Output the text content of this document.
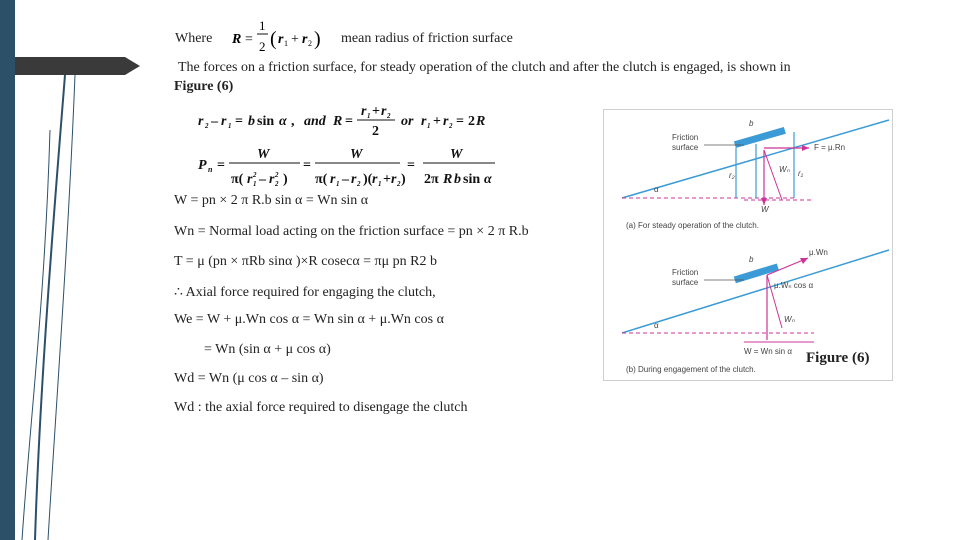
Where R =
1
2 ( r 1 + r 2 ) mean radius of friction surface
The forces on a friction surface, for steady operation of the clutch and after the clutch is engaged, is shown in
Figure (6)
r 2 – r 1 = b sin α , and R =
r 1 + r 2
2
or r 1 + r 2 = 2 R
P n =
W
π( r 2
1 – r 2
2 )
=
W
π( r 1 – r 2 )( r 1 + r 2 )
=
W
2π R b sin α
W = pn × 2 π R.b sin α = Wn sin α
Wn = Normal load acting on the friction surface = pn × 2 π R.b
T = μ (pn × πRb sinα )×R cosecα = πμ pn R2 b
∴ Axial force required for engaging the clutch,
We = W + μ.Wn cos α = Wn sin α + μ.Wn cos α
= Wn (sin α + μ cos α)
Wd = Wn (μ cos α – sin α)
Wd : the axial force required to disengage the clutch
Friction
surface
b
F = μ.Rn
α
r₂	r₁
Wₙ
W
(a) For steady operation of the clutch.
Friction
surface
b
μ.Wn
μ.Wₙ cos α
Wₙ
α
W = Wn sin α
(b) During engagement of the clutch.
Figure (6)
